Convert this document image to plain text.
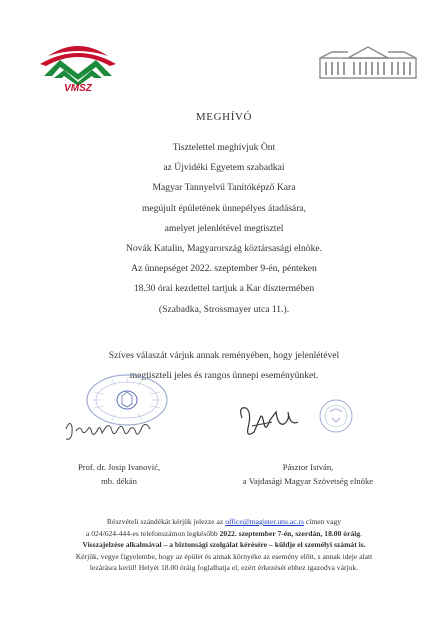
VMSZ
MEGHÍVÓ
Tisztelettel meghívjuk Önt
az Újvidéki Egyetem szabadkai
Magyar Tannyelvű Tanítóképző Kara
megújult épületének ünnepélyes átadására,
amelyet jelenlétével megtisztel
Novák Katalin, Magyarország köztársasági elnöke.
Az ünnepséget 2022. szeptember 9-én, pénteken
18.30 órai kezdettel tartjuk a Kar dísztermében
(Szabadka, Strossmayer utca 11.).
Szíves válaszát várjuk annak reményében, hogy jelenlétével
megtiszteli jeles és rangos ünnepi eseményünket.
Prof. dr. Josip Ivanović,
mb. dékán
Pásztor István,
a Vajdasági Magyar Szövetség elnöke
Részvételi szándékát kérjük jelezze az office@magister.uns.ac.rs címen vagy
a 024/624-444-es telefonszámon legkésőbb 2022. szeptember 7-én, szerdán, 18.00 óráig.
Visszajelzése alkalmával – a biztonsági szolgálat kérésére – küldje el személyi számát is.
Kérjük, vegye figyelembe, hogy az épület és annak környéke az esemény előtt, s annak ideje alatt
lezárásra kerül! Helyét 18.00 óráig foglalhatja el, ezért érkezését ehhez igazodva várjuk.
